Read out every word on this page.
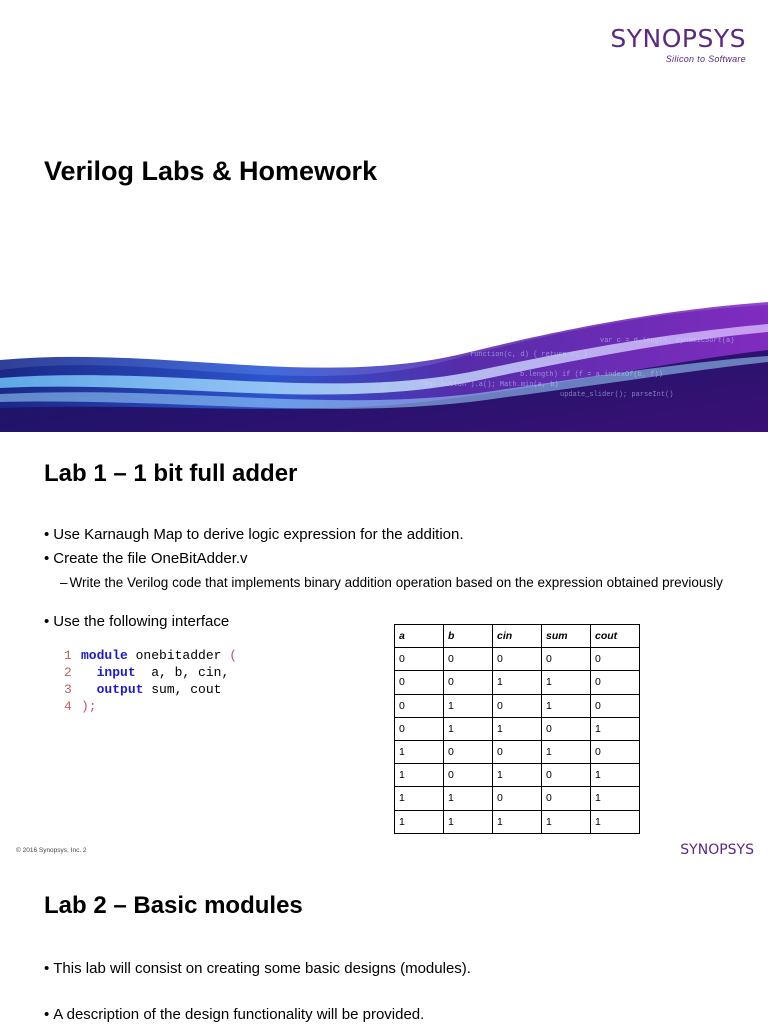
SYNOPSYS
Silicon to Software
Verilog Labs & Homework
function(c, d) { return c; }
b.length) if (f = a.indexOf(b, f))
update_slider(); parseInt()
var c = d.length; dynamicSort(a)
"#go-button").a(); Math.min(a, b)
Lab 1 – 1 bit full adder
• Use Karnaugh Map to derive logic expression for the addition.
• Create the file OneBitAdder.v
– Write the Verilog code that implements binary addition operation based on the expression obtained previously
• Use the following interface
1 module onebitadder (
2 input  a, b, cin,
3 output sum, cout
4 );
a	b	cin	sum	cout
0	0	0	0	0
0	0	1	1	0
0	1	0	1	0
0	1	1	0	1
1	0	0	1	0
1	0	1	0	1
1	1	0	0	1
1	1	1	1	1
© 2016 Synopsys, Inc. 2	SYNOPSYS
Lab 2 – Basic modules
• This lab will consist on creating some basic designs (modules).
• A description of the design functionality will be provided.
